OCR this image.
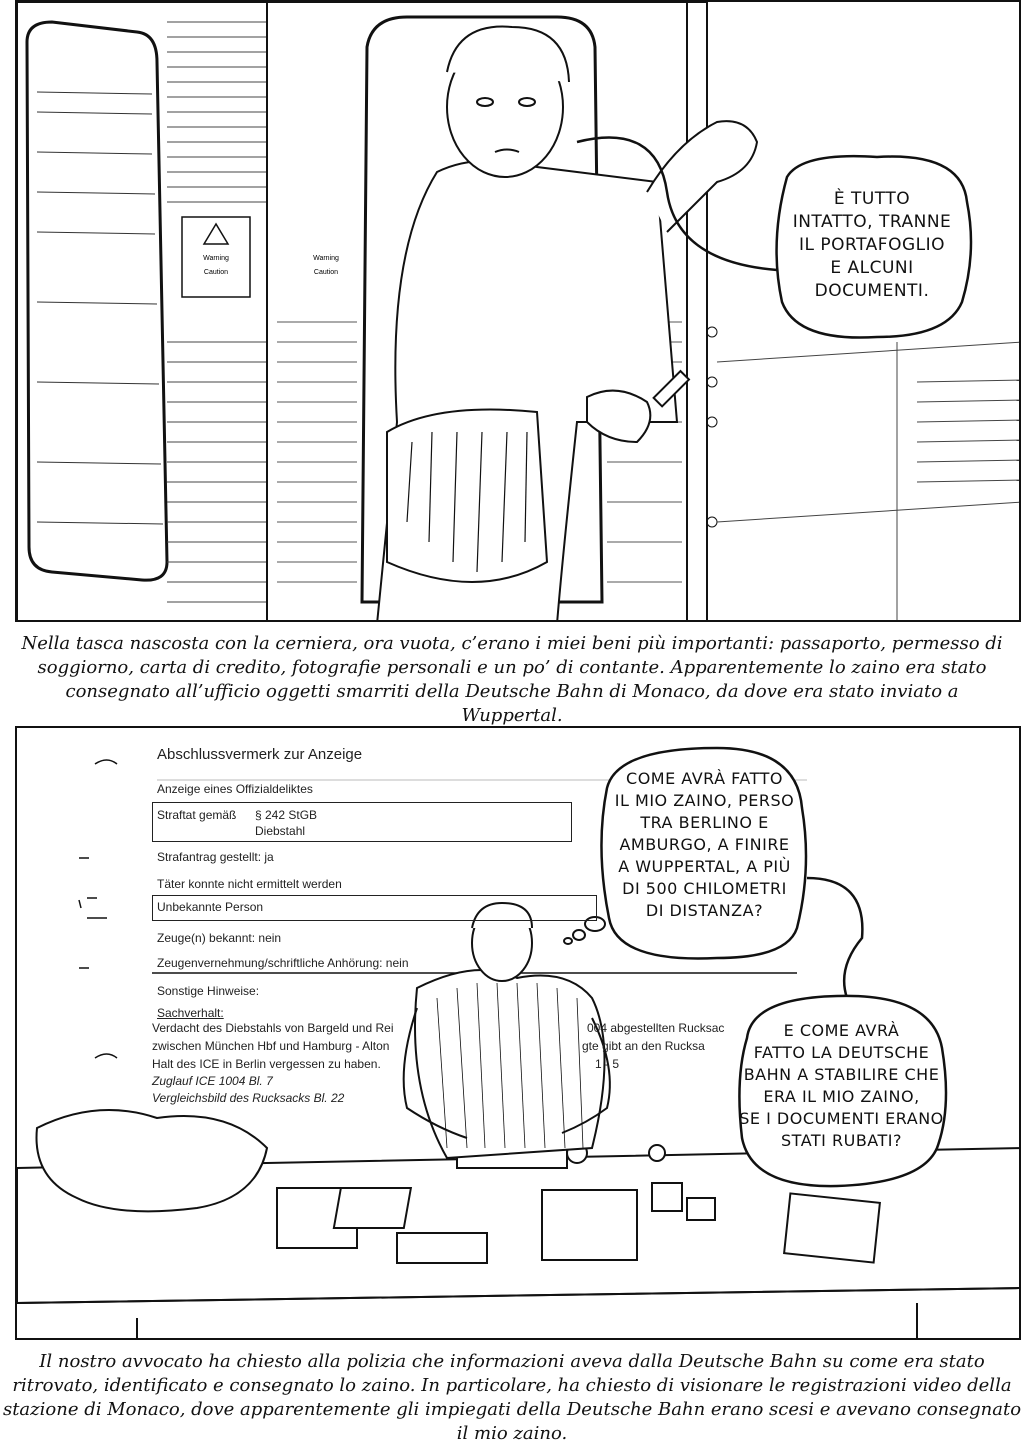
Warning
Caution
Warning
Caution
È TUTTO
INTATTO, TRANNE
IL PORTAFOGLIO
E ALCUNI
DOCUMENTI.
Nella tasca nascosta con la cerniera, ora vuota, c’erano i miei beni più importanti: passaporto, permesso di soggiorno, carta di credito, fotografie personali e un po’ di contante. Apparentemente lo zaino era stato consegnato all’ufficio oggetti smarriti della Deutsche Bahn di Monaco, da dove era stato inviato a Wuppertal.
Abschlussvermerk zur Anzeige
Anzeige eines Offizialdeliktes
Straftat gemäß § 242 StGB
Diebstahl
Strafantrag gestellt: ja
Täter konnte nicht ermittelt werden
Unbekannte Person
Zeuge(n) bekannt: nein
Zeugenvernehmung/schriftliche Anhörung: nein
Sonstige Hinweise:
Sachverhalt:
Verdacht des Diebstahls von Bargeld und Rei	004 abgestellten Rucksac
zwischen München Hbf und Hamburg - Alton	gte gibt an den Rucksa
Halt des ICE in Berlin vergessen zu haben.	1 - 5
Zuglauf ICE 1004 Bl. 7
Vergleichsbild des Rucksacks Bl. 22
COME AVRÀ FATTO
IL MIO ZAINO, PERSO
TRA BERLINO E
AMBURGO, A FINIRE
A WUPPERTAL, A PIÙ
DI 500 CHILOMETRI
DI DISTANZA?
E COME AVRÀ
FATTO LA DEUTSCHE
BAHN A STABILIRE CHE
ERA IL MIO ZAINO,
SE I DOCUMENTI ERANO
STATI RUBATI?
Il nostro avvocato ha chiesto alla polizia che informazioni aveva dalla Deutsche Bahn su come era stato ritrovato, identificato e consegnato lo zaino. In particolare, ha chiesto di visionare le registrazioni video della stazione di Monaco, dove apparentemente gli impiegati della Deutsche Bahn erano scesi e avevano consegnato il mio zaino.
